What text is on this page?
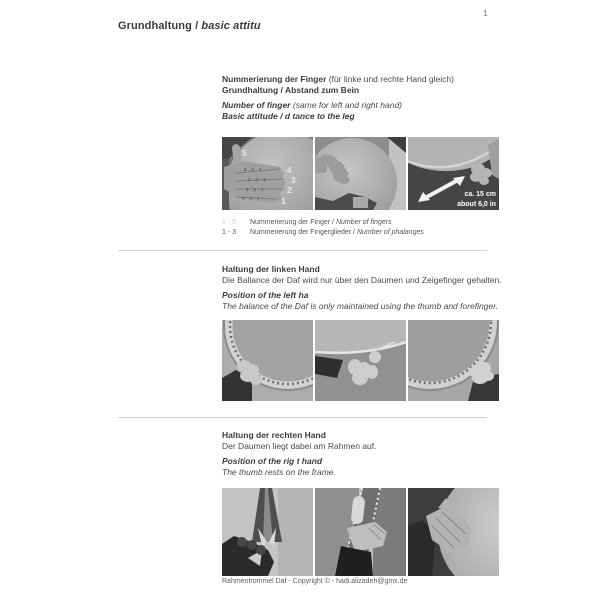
1
Grundhaltung / basic attitu
Nummerierung der Finger (für linke und rechte Hand gleich)
Grundhaltung / Abstand zum Bein
Number of finger (same for left and right hand)
Basic attitude / d tance to the leg
5
4
3
2
1
3 2 1
3 2 1
3 2 1
3 2 1
ca. 15 cm
about 6,0 in
1 - 5 Nummerierung der Finger / Number of fingers
1 - 3 Nummerierung der Fingerglieder / Number of phalanges
Haltung der linken Hand
Die Ballance der Daf wird nur über den Daumen und Zeigefinger gehalten.
Position of the left ha
The balance of the Daf is only maintained using the thumb and forefinger.
Haltung der rechten Hand
Der Daumen liegt dabei am Rahmen auf.
Position of the rig t hand
The thumb rests on the frame.
Rahmentrommel Daf - Copyright © - hadi.alizadeh@gmx.de
